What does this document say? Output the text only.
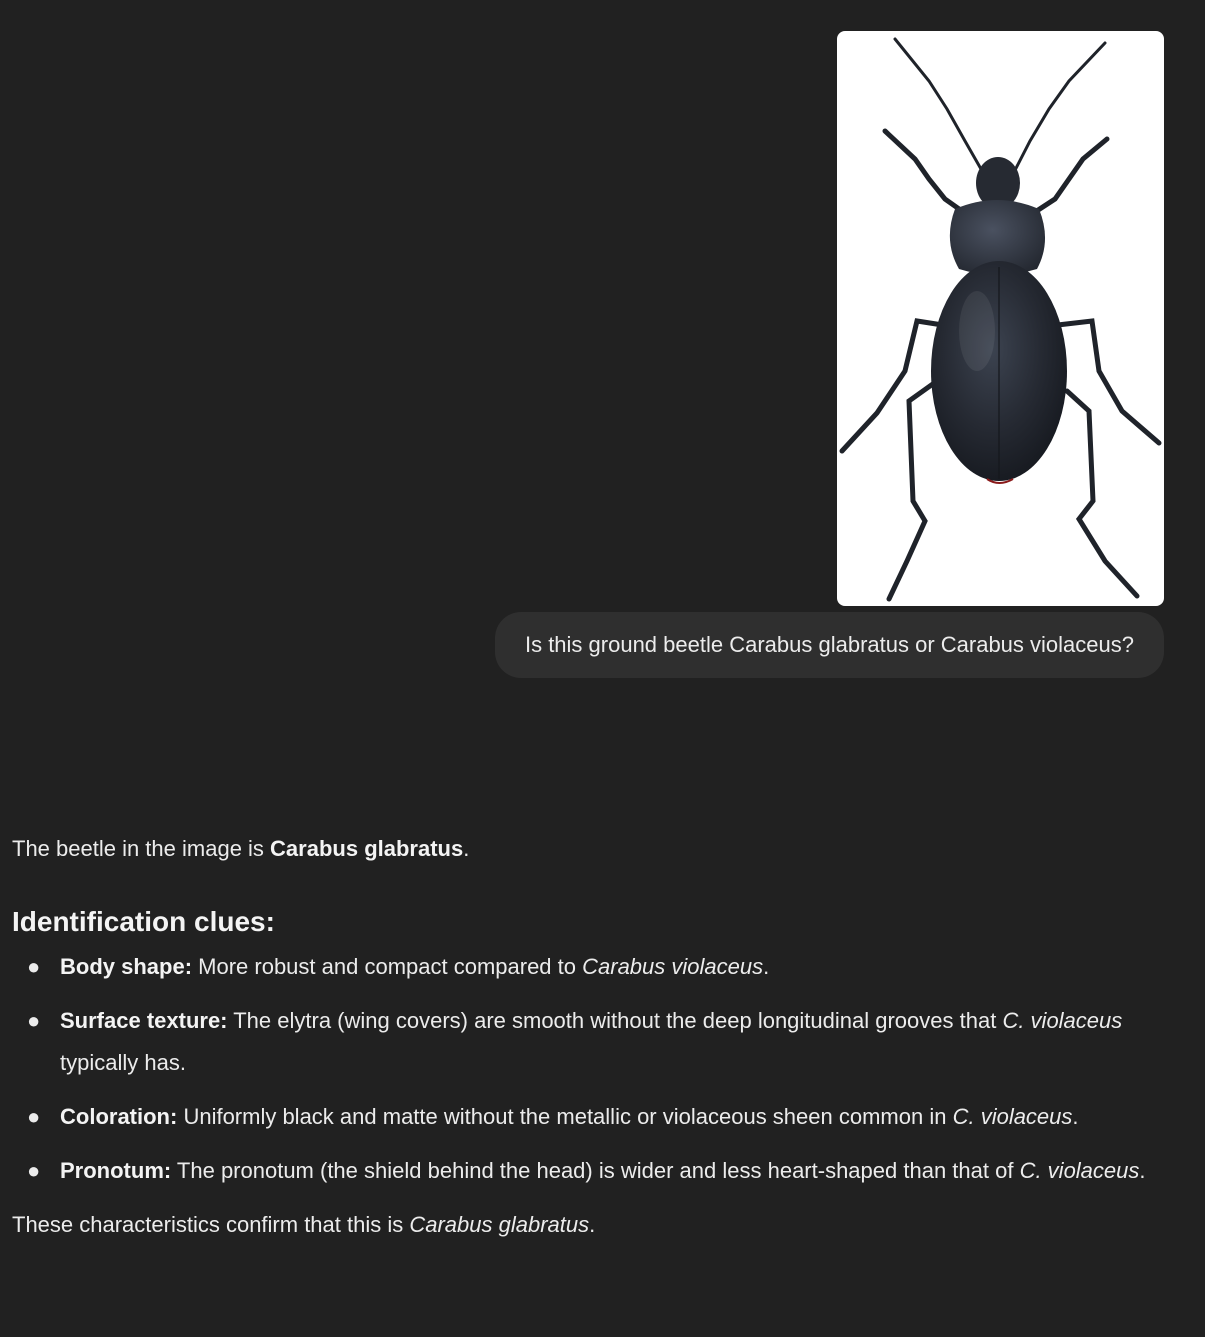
Is this ground beetle Carabus glabratus or Carabus violaceus?

The beetle in the image is Carabus glabratus.

Identification clues:
● Body shape: More robust and compact compared to Carabus violaceus.
● Surface texture: The elytra (wing covers) are smooth without the deep longitudinal grooves that C. violaceus typically has.
● Coloration: Uniformly black and matte without the metallic or violaceous sheen common in C. violaceus.
● Pronotum: The pronotum (the shield behind the head) is wider and less heart-shaped than that of C. violaceus.

These characteristics confirm that this is Carabus glabratus.
